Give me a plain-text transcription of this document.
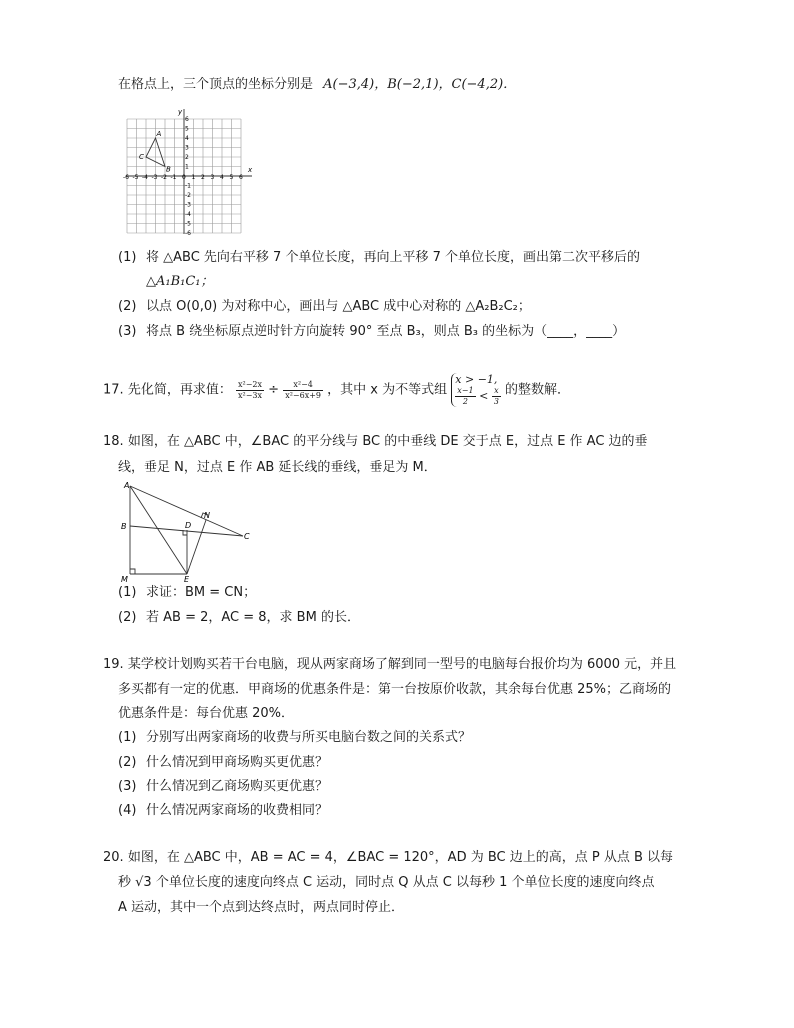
在格点上，三个顶点的坐标分别是 A(−3,4)，B(−2,1)，C(−4,2)．
-6 -5 -4 -3 -2 -1 0 1 2 3 4 5 6
6
5
4
3
2
1
-1
-2
-3
-4
-5
-6
A
B
C
x
y
(1) 将 △ABC 先向右平移 7 个单位长度，再向上平移 7 个单位长度，画出第二次平移后的
△A₁B₁C₁；
(2) 以点 O(0,0) 为对称中心，画出与 △ABC 成中心对称的 △A₂B₂C₂；
(3) 将点 B 绕坐标原点逆时针方向旋转 90° 至点 B₃，则点 B₃ 的坐标为（____，____）
17. 先化简，再求值： $\frac{\text{x²−2x}}{\text{x²−3x}} \div \frac{\text{x²−4}}{\text{x²−6x+9}}$ ，其中 x 为不等式组
x > −1,
$\frac{x-1}{2} < \frac{x}{3}$ 的整数解．
18. 如图，在 △ABC 中，∠BAC 的平分线与 BC 的中垂线 DE 交于点 E，过点 E 作 AC 边的垂
线，垂足 N，过点 E 作 AB 延长线的垂线，垂足为 M．
A
B
C
D
E
M
N
(1) 求证：BM = CN；
(2) 若 AB = 2，AC = 8，求 BM 的长．
19. 某学校计划购买若干台电脑，现从两家商场了解到同一型号的电脑每台报价均为 6000 元，并且
多买都有一定的优惠．甲商场的优惠条件是：第一台按原价收款，其余每台优惠 25%；乙商场的
优惠条件是：每台优惠 20%．
(1) 分别写出两家商场的收费与所买电脑台数之间的关系式？
(2) 什么情况到甲商场购买更优惠？
(3) 什么情况到乙商场购买更优惠？
(4) 什么情况两家商场的收费相同？
20. 如图，在 △ABC 中，AB = AC = 4，∠BAC = 120°，AD 为 BC 边上的高，点 P 从点 B 以每
秒 √3 个单位长度的速度向终点 C 运动，同时点 Q 从点 C 以每秒 1 个单位长度的速度向终点
A 运动，其中一个点到达终点时，两点同时停止．
